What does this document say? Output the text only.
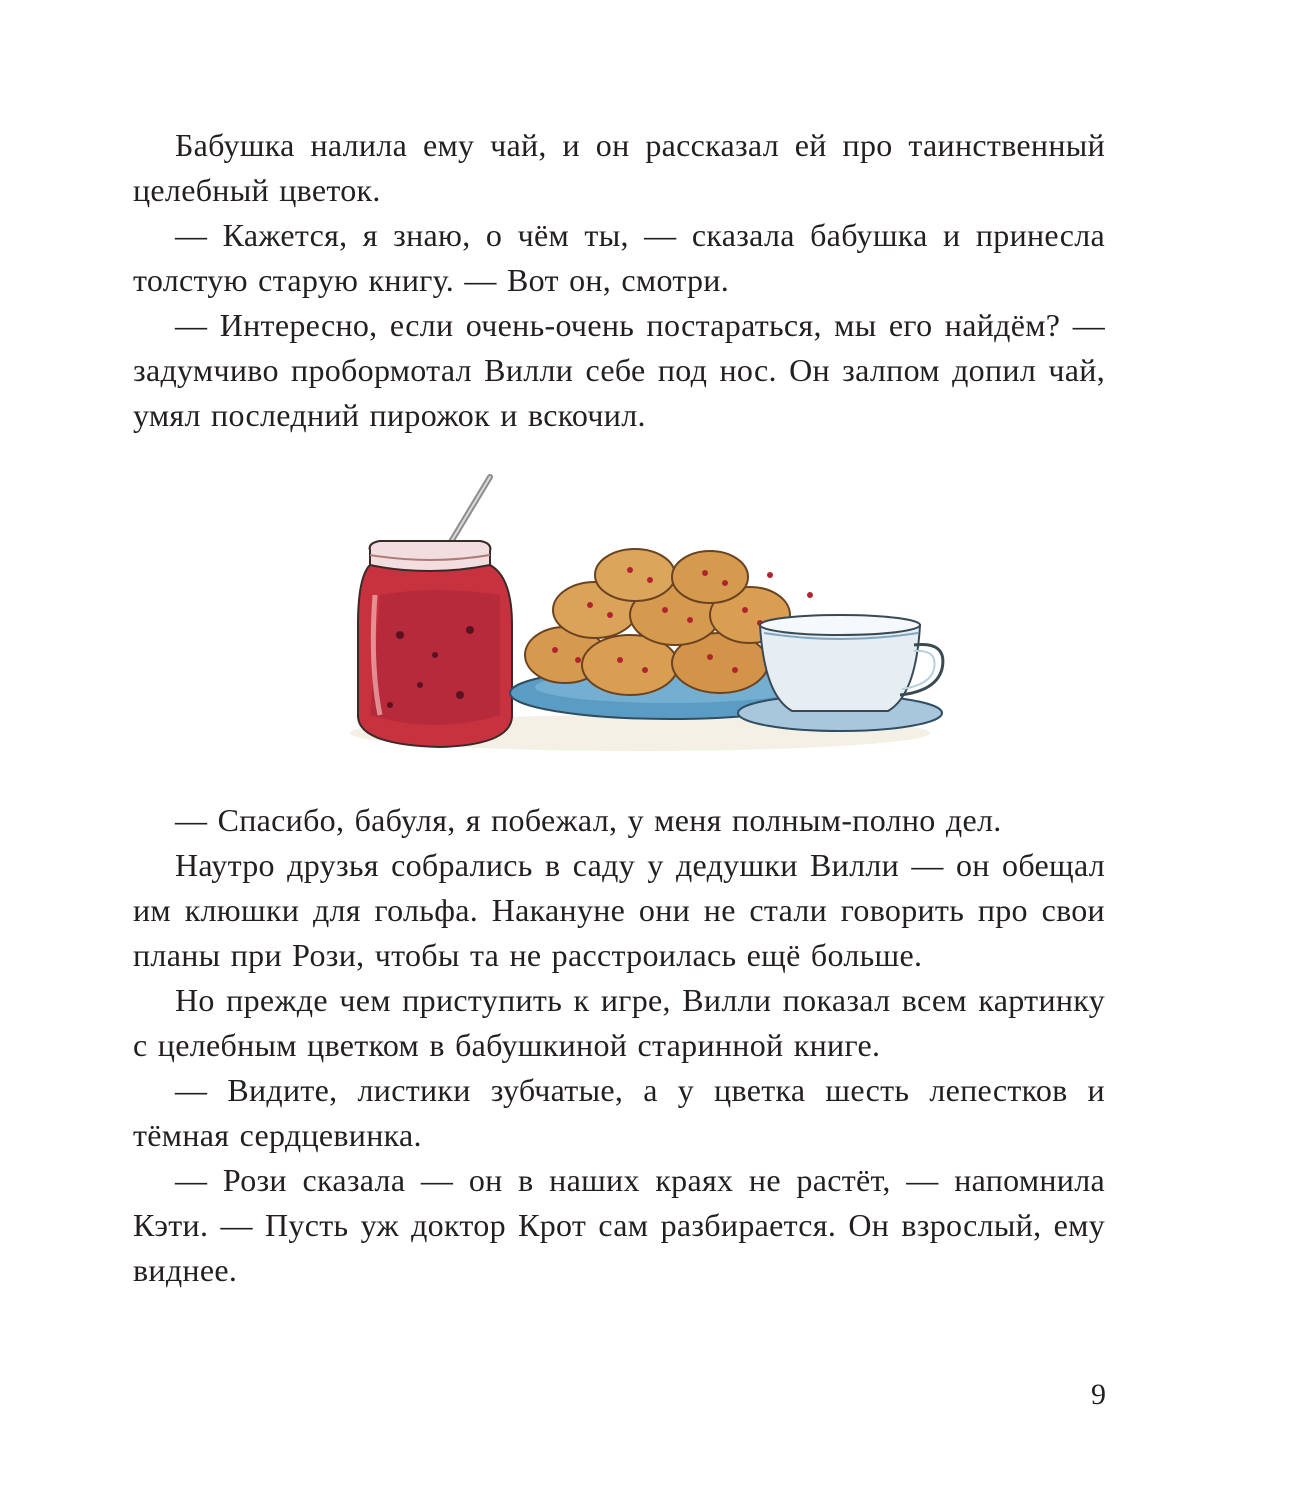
Бабушка налила ему чай, и он рассказал ей про таинственный целебный цветок.

— Кажется, я знаю, о чём ты, — сказала бабушка и принесла толстую старую книгу. — Вот он, смотри.

— Интересно, если очень-очень постараться, мы его найдём? — задумчиво пробормотал Вилли себе под нос. Он залпом допил чай, умял последний пирожок и вскочил.

— Спасибо, бабуля, я побежал, у меня полным-полно дел.

Наутро друзья собрались в саду у дедушки Вилли — он обещал им клюшки для гольфа. Накануне они не стали говорить про свои планы при Рози, чтобы та не расстроилась ещё больше.

Но прежде чем приступить к игре, Вилли показал всем картинку с целебным цветком в бабушкиной старинной книге.

— Видите, листики зубчатые, а у цветка шесть лепестков и тёмная сердцевинка.

— Рози сказала — он в наших краях не растёт, — напомнила Кэти. — Пусть уж доктор Крот сам разбирается. Он взрослый, ему виднее.

9
